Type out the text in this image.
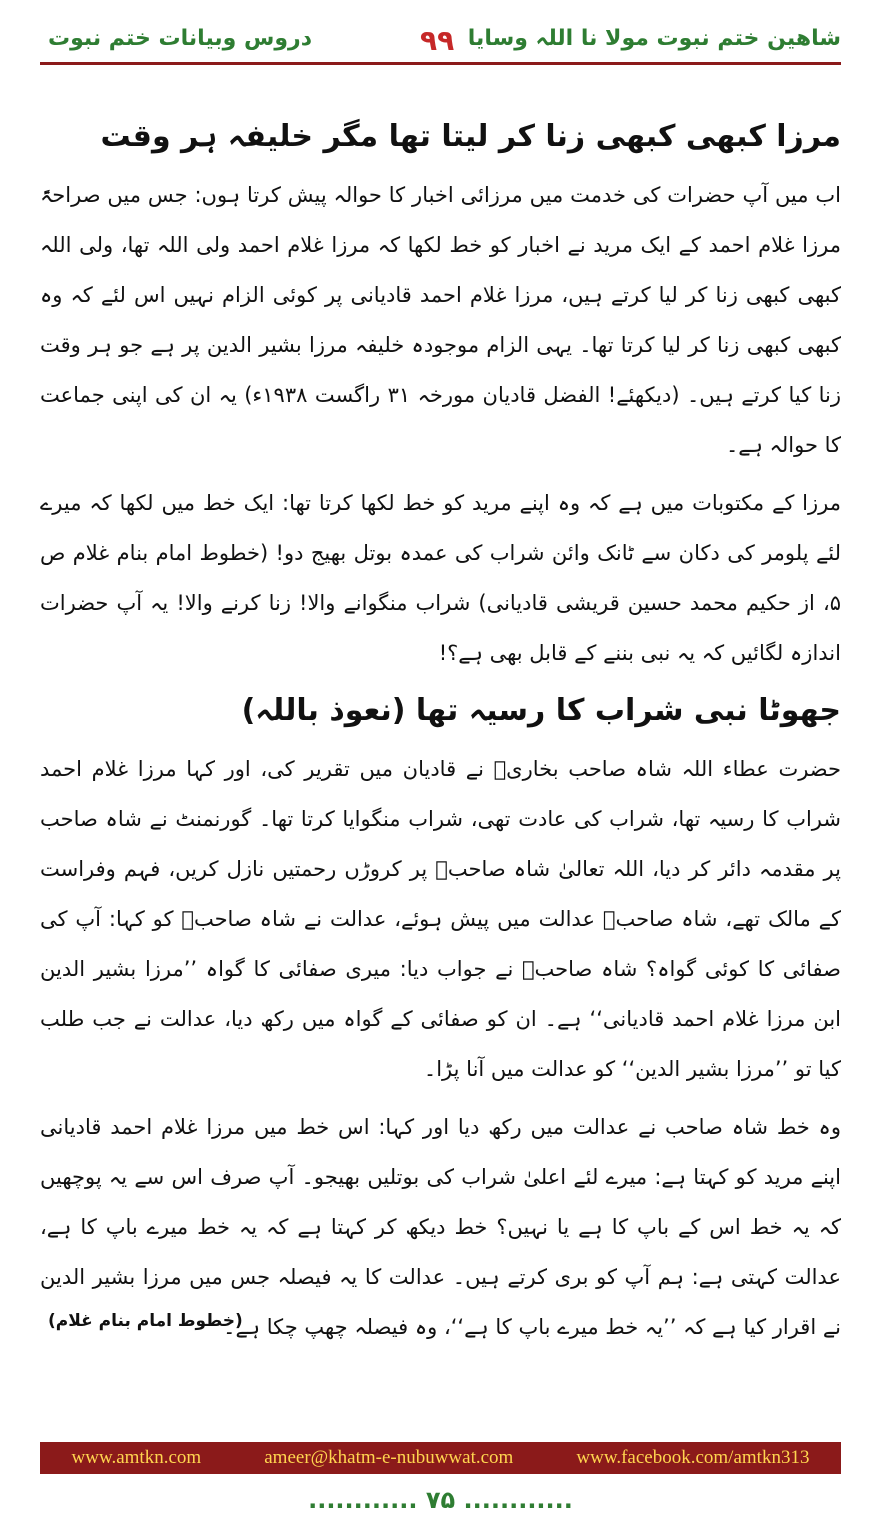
دروس وبیانات ختم نبوت	۹۹ شاھین ختم نبوت مولا نا اللہ وسایا
مرزا کبھی کبھی زنا کر لیتا تھا مگر خلیفہ ہر وقت

اب میں آپ حضرات کی خدمت میں مرزائی اخبار کا حوالہ پیش کرتا ہوں: جس میں صراحۃً مرزا غلام احمد کے ایک مرید نے اخبار کو خط لکھا کہ مرزا غلام احمد ولی اللہ تھا، ولی اللہ کبھی کبھی زنا کر لیا کرتے ہیں، مرزا غلام احمد قادیانی پر کوئی الزام نہیں اس لئے کہ وہ کبھی کبھی زنا کر لیا کرتا تھا۔ یہی الزام موجودہ خلیفہ مرزا بشیر الدین پر ہے جو ہر وقت زنا کیا کرتے ہیں۔ (دیکھئے! الفضل قادیان مورخہ ۳۱ راگست ۱۹۳۸ء) یہ ان کی اپنی جماعت کا حوالہ ہے۔

مرزا کے مکتوبات میں ہے کہ وہ اپنے مرید کو خط لکھا کرتا تھا: ایک خط میں لکھا کہ میرے لئے پلومر کی دکان سے ٹانک وائن شراب کی عمدہ بوتل بھیج دو! (خطوط امام بنام غلام ص ۵، از حکیم محمد حسین قریشی قادیانی) شراب منگوانے والا! زنا کرنے والا! یہ آپ حضرات اندازہ لگائیں کہ یہ نبی بننے کے قابل بھی ہے؟!

جھوٹا نبی شراب کا رسیہ تھا (نعوذ باللہ)

حضرت عطاء اللہ شاہ صاحب بخاریؒ نے قادیان میں تقریر کی، اور کہا مرزا غلام احمد شراب کا رسیہ تھا، شراب کی عادت تھی، شراب منگوایا کرتا تھا۔ گورنمنٹ نے شاہ صاحب پر مقدمہ دائر کر دیا، اللہ تعالیٰ شاہ صاحبؒ پر کروڑں رحمتیں نازل کریں، فہم وفراست کے مالک تھے، شاہ صاحبؒ عدالت میں پیش ہوئے، عدالت نے شاہ صاحبؒ کو کہا: آپ کی صفائی کا کوئی گواہ؟ شاہ صاحبؒ نے جواب دیا: میری صفائی کا گواہ ’’مرزا بشیر الدین ابن مرزا غلام احمد قادیانی‘‘ ہے۔ ان کو صفائی کے گواہ میں رکھ دیا، عدالت نے جب طلب کیا تو ’’مرزا بشیر الدین‘‘ کو عدالت میں آنا پڑا۔

وہ خط شاہ صاحب نے عدالت میں رکھ دیا اور کہا: اس خط میں مرزا غلام احمد قادیانی اپنے مرید کو کہتا ہے: میرے لئے اعلیٰ شراب کی بوتلیں بھیجو۔ آپ صرف اس سے یہ پوچھیں کہ یہ خط اس کے باپ کا ہے یا نہیں؟ خط دیکھ کر کہتا ہے کہ یہ خط میرے باپ کا ہے، عدالت کہتی ہے: ہم آپ کو بری کرتے ہیں۔ عدالت کا یہ فیصلہ جس میں مرزا بشیر الدین نے اقرار کیا ہے کہ ’’یہ خط میرے باپ کا ہے‘‘، وہ فیصلہ چھپ چکا ہے۔
(خطوط امام بنام غلام)

www.amtkn.com	ameer@khatm-e-nubuwwat.com	www.facebook.com/amtkn313
............ ۷۵ ............
